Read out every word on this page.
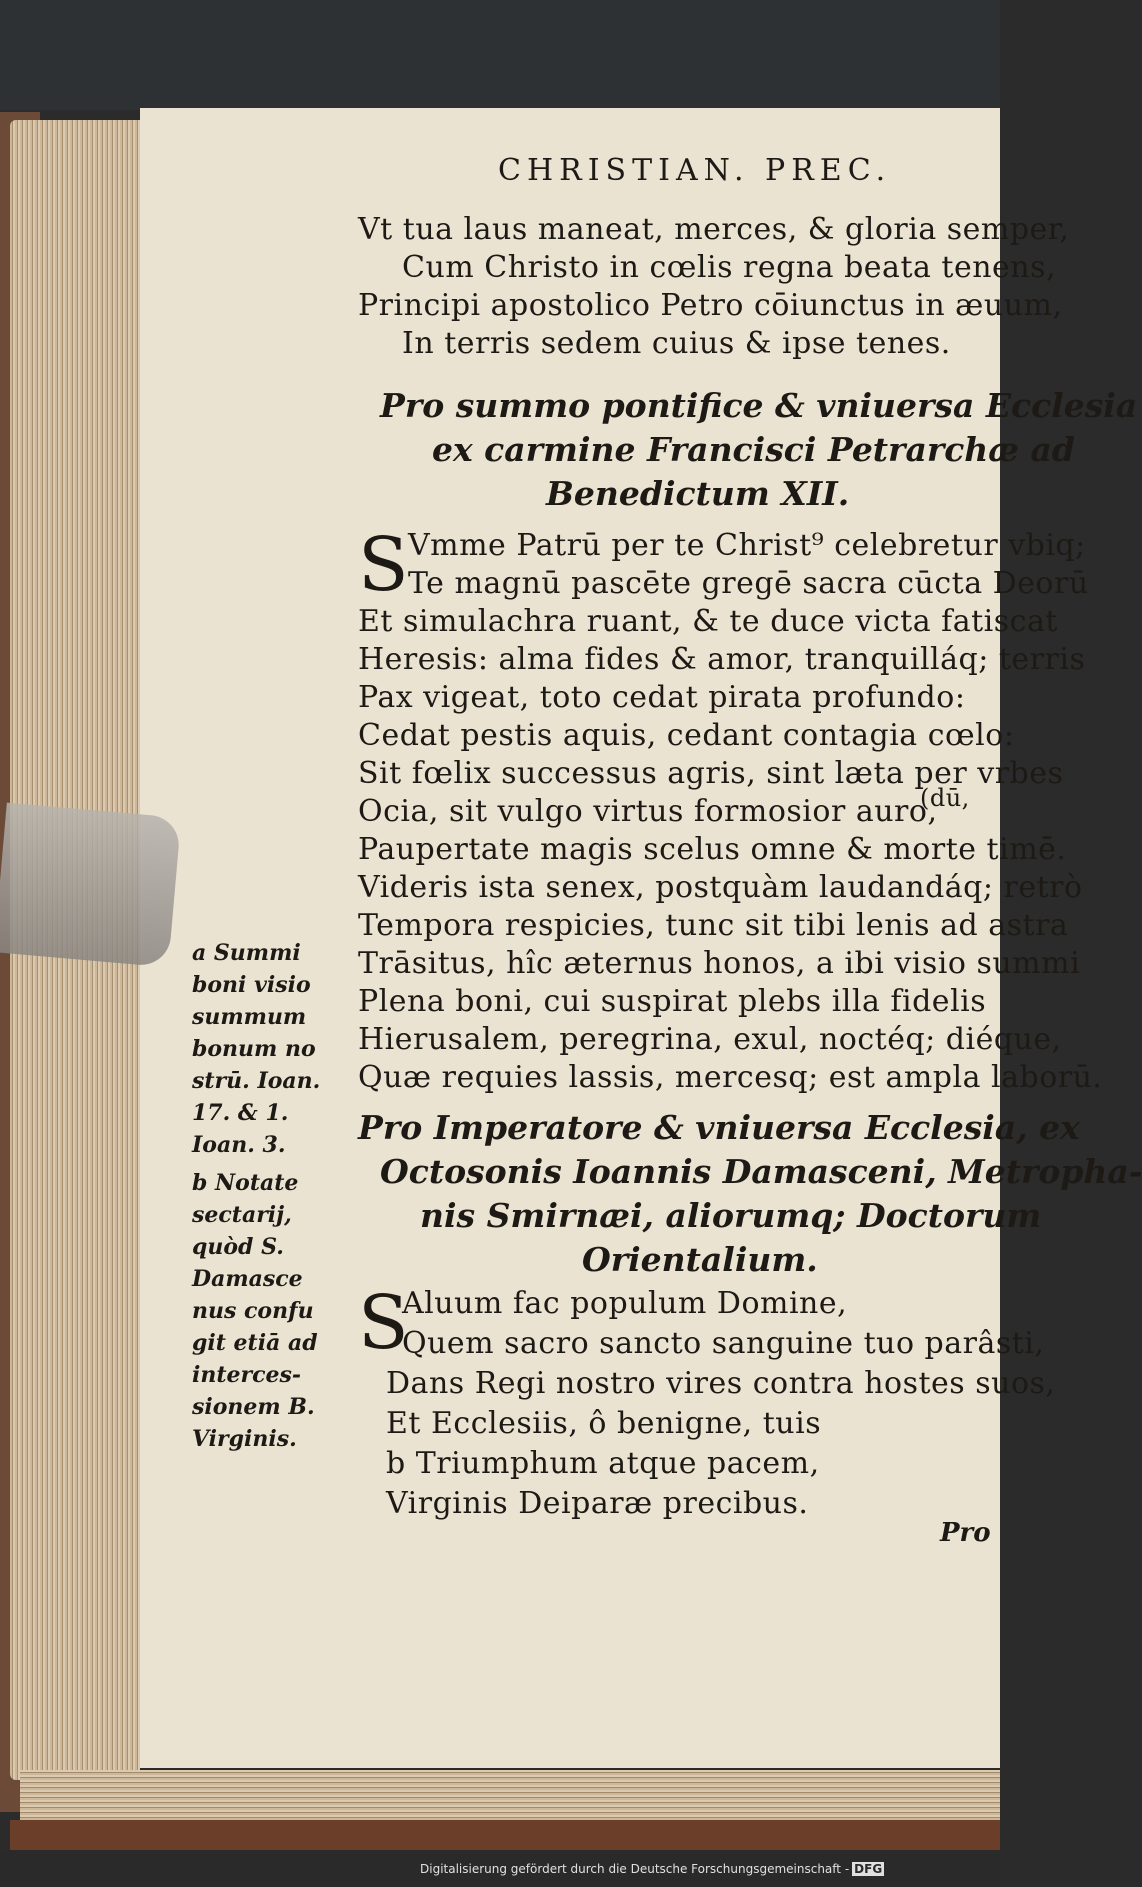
CHRISTIAN. PREC.

Vt tua laus maneat, merces, & gloria semper,

Cum Christo in cœlis regna beata tenens,

Principi apostolico Petro cōiunctus in æuum,

In terris sedem cuius & ipse tenes.

Pro summo pontifice & vniuersa Ecclesia

ex carmine Francisci Petrarchæ ad

Benedictum XII.

S Vmme Patrū per te Christ⁹ celebretur vbiq;

Te magnū pascēte gregē sacra cūcta Deorū

Et simulachra ruant, & te duce victa fatiscat

Heresis: alma fides & amor, tranquilláq; terris

Pax vigeat, toto cedat pirata profundo:

Cedat pestis aquis, cedant contagia cœlo:

Sit fœlix successus agris, sint læta per vrbes

Ocia, sit vulgo virtus formosior auro,

(dū,

Paupertate magis scelus omne & morte timē.

Videris ista senex, postquàm laudandáq; retrò

Tempora respicies, tunc sit tibi lenis ad astra

Trāsitus, hîc æternus honos, a ibi visio summi

Plena boni, cui suspirat plebs illa fidelis

Hierusalem, peregrina, exul, noctéq; diéque,

Quæ requies lassis, mercesq; est ampla laborū.

Pro Imperatore & vniuersa Ecclesia, ex

Octosonis Ioannis Damasceni, Metropha-

nis Smirnæi, aliorumq; Doctorum

Orientalium.

S

Aluum fac populum Domine,

Quem sacro sancto sanguine tuo parâsti,

Dans Regi nostro vires contra hostes suos,

Et Ecclesiis, ô benigne, tuis

b Triumphum atque pacem,

Virginis Deiparæ precibus.

a Summi

boni visio

summum

bonum no

strū. Ioan.

17. & 1.

Ioan. 3.

b Notate

sectarij,

quòd S.

Damasce

nus confu

git etiā ad

interces-

sionem B.

Virginis.

Pro

Digitalisierung gefördert durch die Deutsche Forschungsgemeinschaft - DFG
